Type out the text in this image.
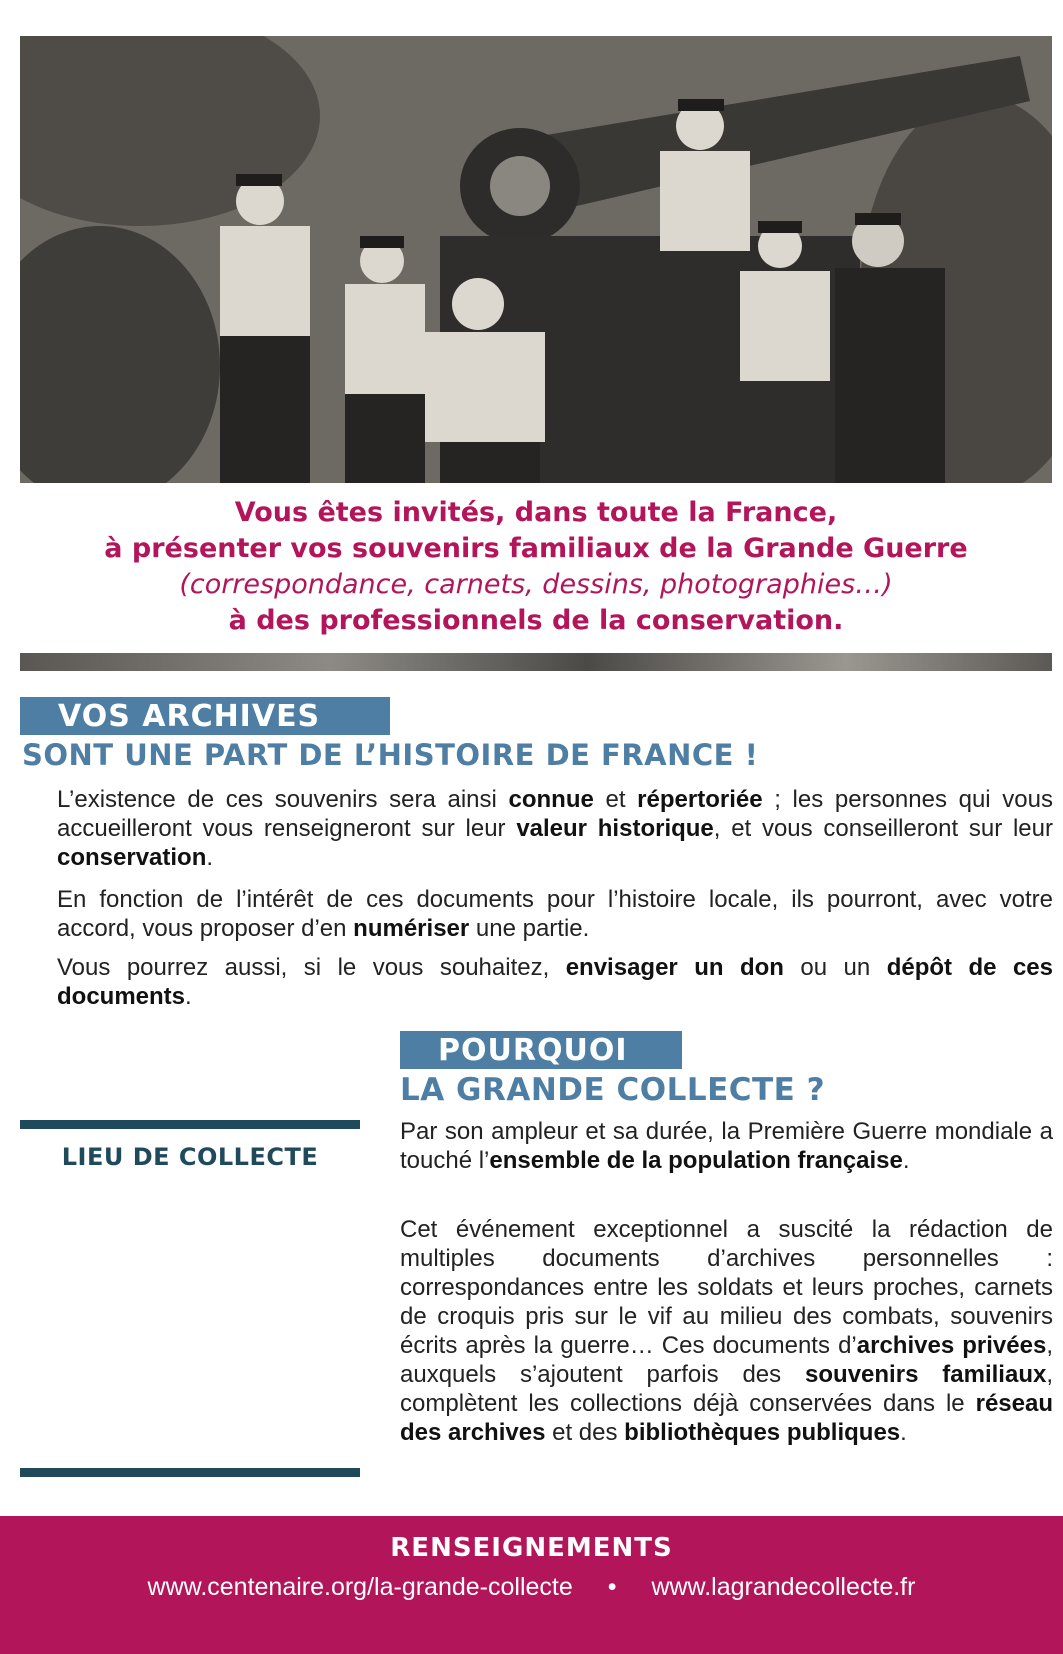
Vous êtes invités, dans toute la France,
à présenter vos souvenirs familiaux de la Grande Guerre
(correspondance, carnets, dessins, photographies…)
à des professionnels de la conservation.
VOS ARCHIVES
SONT UNE PART DE L’HISTOIRE DE FRANCE !
L’existence de ces souvenirs sera ainsi connue et répertoriée ; les personnes qui vous accueilleront vous renseigneront sur leur valeur historique, et vous conseilleront sur leur conservation.
En fonction de l’intérêt de ces documents pour l’histoire locale, ils pourront, avec votre accord, vous proposer d’en numériser une partie.
Vous pourrez aussi, si le vous souhaitez, envisager un don ou un dépôt de ces documents.
LIEU DE COLLECTE
POURQUOI
LA GRANDE COLLECTE ?
Par son ampleur et sa durée, la Première Guerre mondiale a touché l’ensemble de la population française.
Cet événement exceptionnel a suscité la rédaction de multiples documents d’archives personnelles : correspondances entre les soldats et leurs proches, carnets de croquis pris sur le vif au milieu des combats, souvenirs écrits après la guerre… Ces documents d’archives privées, auxquels s’ajoutent parfois des souvenirs familiaux, complètent les collections déjà conservées dans le réseau des archives et des bibliothèques publiques.
RENSEIGNEMENTS
www.centenaire.org/la-grande-collecte • www.lagrandecollecte.fr
